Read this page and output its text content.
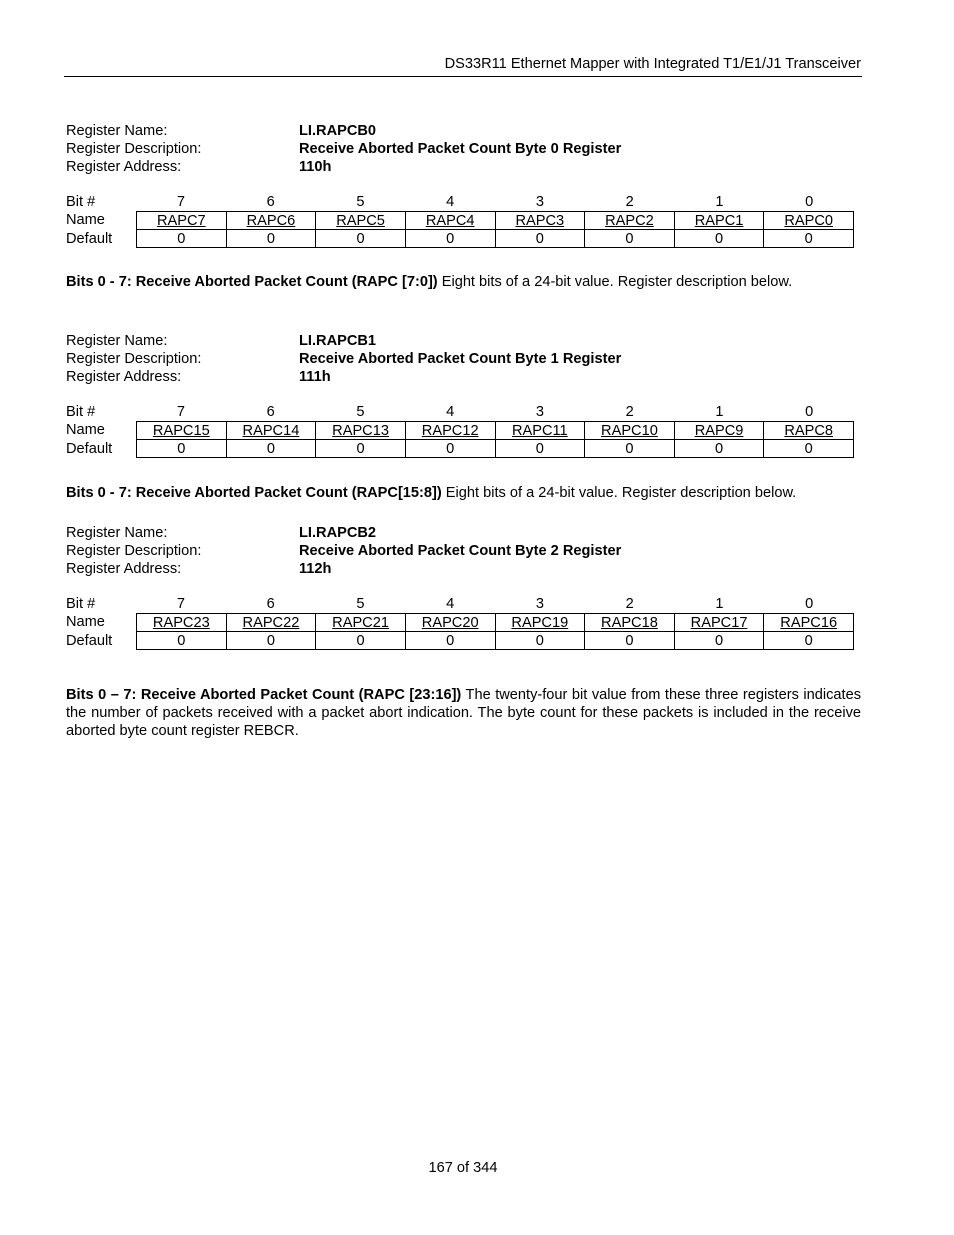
DS33R11 Ethernet Mapper with Integrated T1/E1/J1 Transceiver
Register Name:	LI.RAPCB0
Register Description:	Receive Aborted Packet Count Byte 0 Register
Register Address:	110h
Bit #	7	6	5	4	3	2	1	0
Name	RAPC7	RAPC6	RAPC5	RAPC4	RAPC3	RAPC2	RAPC1	RAPC0
Default	0	0	0	0	0	0	0	0
Bits 0 - 7: Receive Aborted Packet Count (RAPC [7:0]) Eight bits of a 24-bit value. Register description below.
Register Name:	LI.RAPCB1
Register Description:	Receive Aborted Packet Count Byte 1 Register
Register Address:	111h
Bit #	7	6	5	4	3	2	1	0
Name	RAPC15	RAPC14	RAPC13	RAPC12	RAPC11	RAPC10	RAPC9	RAPC8
Default	0	0	0	0	0	0	0	0
Bits 0 - 7: Receive Aborted Packet Count (RAPC[15:8]) Eight bits of a 24-bit value. Register description below.
Register Name:	LI.RAPCB2
Register Description:	Receive Aborted Packet Count Byte 2 Register
Register Address:	112h
Bit #	7	6	5	4	3	2	1	0
Name	RAPC23	RAPC22	RAPC21	RAPC20	RAPC19	RAPC18	RAPC17	RAPC16
Default	0	0	0	0	0	0	0	0
Bits 0 – 7: Receive Aborted Packet Count (RAPC [23:16]) The twenty-four bit value from these three registers indicates the number of packets received with a packet abort indication. The byte count for these packets is included in the receive aborted byte count register REBCR.
167 of 344
